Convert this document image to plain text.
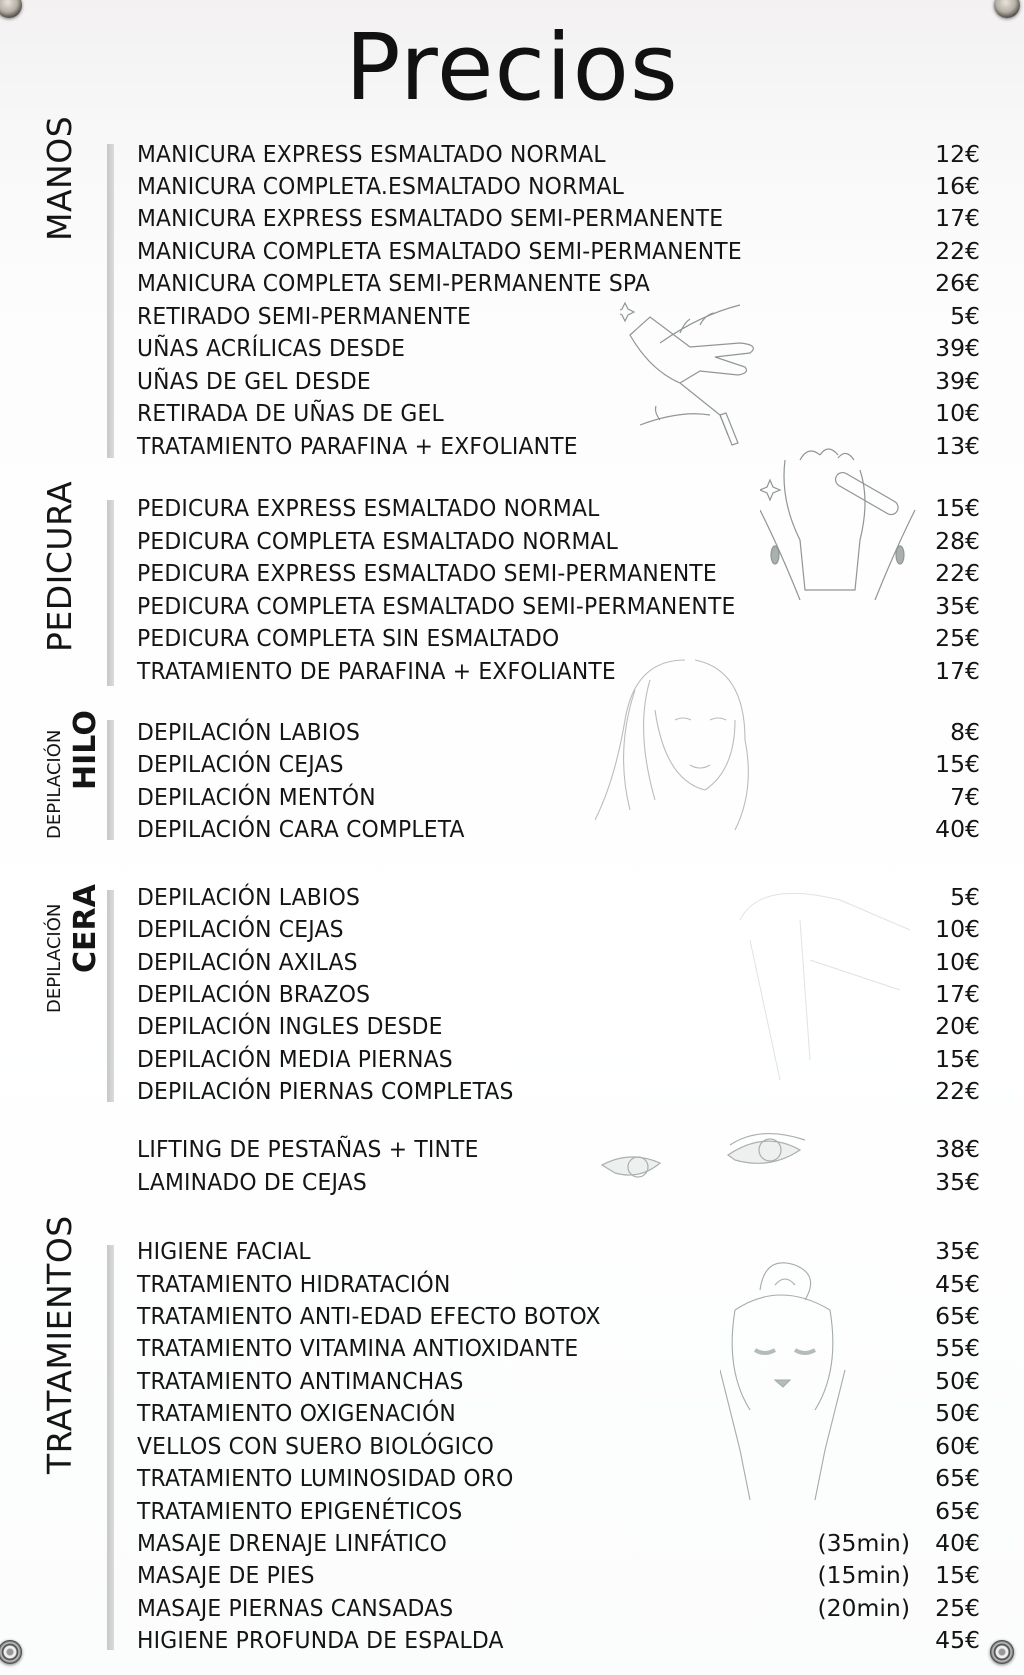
Precios
MANOS MANICURA EXPRESS ESMALTADO NORMAL	12€
MANICURA COMPLETA.ESMALTADO NORMAL	16€
MANICURA EXPRESS ESMALTADO SEMI-PERMANENTE	17€
MANICURA COMPLETA ESMALTADO SEMI-PERMANENTE	22€
MANICURA COMPLETA SEMI-PERMANENTE SPA	26€
RETIRADO SEMI-PERMANENTE	5€
UÑAS ACRÍLICAS DESDE	39€
UÑAS DE GEL DESDE	39€
RETIRADA DE UÑAS DE GEL	10€
TRATAMIENTO PARAFINA + EXFOLIANTE	13€
PEDICURA PEDICURA EXPRESS ESMALTADO NORMAL	15€
PEDICURA COMPLETA ESMALTADO NORMAL	28€
PEDICURA EXPRESS ESMALTADO SEMI-PERMANENTE	22€
PEDICURA COMPLETA ESMALTADO SEMI-PERMANENTE	35€
PEDICURA COMPLETA SIN ESMALTADO	25€
TRATAMIENTO DE PARAFINA + EXFOLIANTE	17€
DEPILACIÓN HILO DEPILACIÓN LABIOS	8€
DEPILACIÓN CEJAS	15€
DEPILACIÓN MENTÓN	7€
DEPILACIÓN CARA COMPLETA	40€
DEPILACIÓN CERA DEPILACIÓN LABIOS	5€
DEPILACIÓN CEJAS	10€
DEPILACIÓN AXILAS	10€
DEPILACIÓN BRAZOS	17€
DEPILACIÓN INGLES DESDE	20€
DEPILACIÓN MEDIA PIERNAS	15€
DEPILACIÓN PIERNAS COMPLETAS	22€
LIFTING DE PESTAÑAS + TINTE	38€
LAMINADO DE CEJAS	35€
TRATAMIENTOS HIGIENE FACIAL	35€
TRATAMIENTO HIDRATACIÓN	45€
TRATAMIENTO ANTI-EDAD EFECTO BOTOX	65€
TRATAMIENTO VITAMINA ANTIOXIDANTE	55€
TRATAMIENTO ANTIMANCHAS	50€
TRATAMIENTO OXIGENACIÓN	50€
VELLOS CON SUERO BIOLÓGICO	60€
TRATAMIENTO LUMINOSIDAD ORO	65€
TRATAMIENTO EPIGENÉTICOS	65€
MASAJE DRENAJE LINFÁTICO	(35min) 40€
MASAJE DE PIES	(15min) 15€
MASAJE PIERNAS CANSADAS	(20min) 25€
HIGIENE PROFUNDA DE ESPALDA	45€
